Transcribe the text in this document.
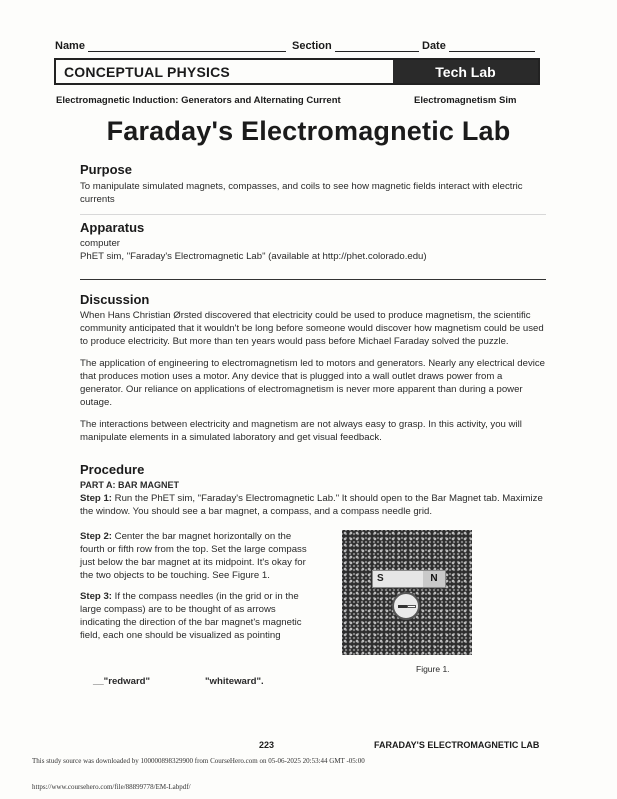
Name	Section	Date
CONCEPTUAL PHYSICS	Tech Lab
Electromagnetic Induction: Generators and Alternating Current	Electromagnetism Sim
Faraday's Electromagnetic Lab
Purpose

To manipulate simulated magnets, compasses, and coils to see how magnetic fields interact with electric currents

Apparatus

computer

PhET sim, "Faraday's Electromagnetic Lab" (available at http://phet.colorado.edu)

Discussion

When Hans Christian Ørsted discovered that electricity could be used to produce magnetism, the scientific community anticipated that it wouldn't be long before someone would discover how magnetism could be used to produce electricity. But more than ten years would pass before Michael Faraday solved the puzzle.

The application of engineering to electromagnetism led to motors and generators. Nearly any electrical device that produces motion uses a motor. Any device that is plugged into a wall outlet draws power from a generator. Our reliance on applications of electromagnetism is never more apparent than during a power outage.

The interactions between electricity and magnetism are not always easy to grasp. In this activity, you will manipulate elements in a simulated laboratory and get visual feedback.

Procedure
PART A: BAR MAGNET

Step 1: Run the PhET sim, "Faraday's Electromagnetic Lab." It should open to the Bar Magnet tab. Maximize the window. You should see a bar magnet, a compass, and a compass needle grid.

Step 2: Center the bar magnet horizontally on the fourth or fifth row from the top. Set the large compass just below the bar magnet at its midpoint. It's okay for the two objects to be touching. See Figure 1.

Step 3: If the compass needles (in the grid or in the large compass) are to be thought of as arrows indicating the direction of the bar magnet's magnetic field, each one should be visualized as pointing

__"redward"	"whiteward".
S	N
Figure 1.
223	FARADAY'S ELECTROMAGNETIC LAB
This study source was downloaded by 100000898329900 from CourseHero.com on 05-06-2025 20:53:44 GMT -05:00
https://www.coursehero.com/file/88899778/EM-Labpdf/
